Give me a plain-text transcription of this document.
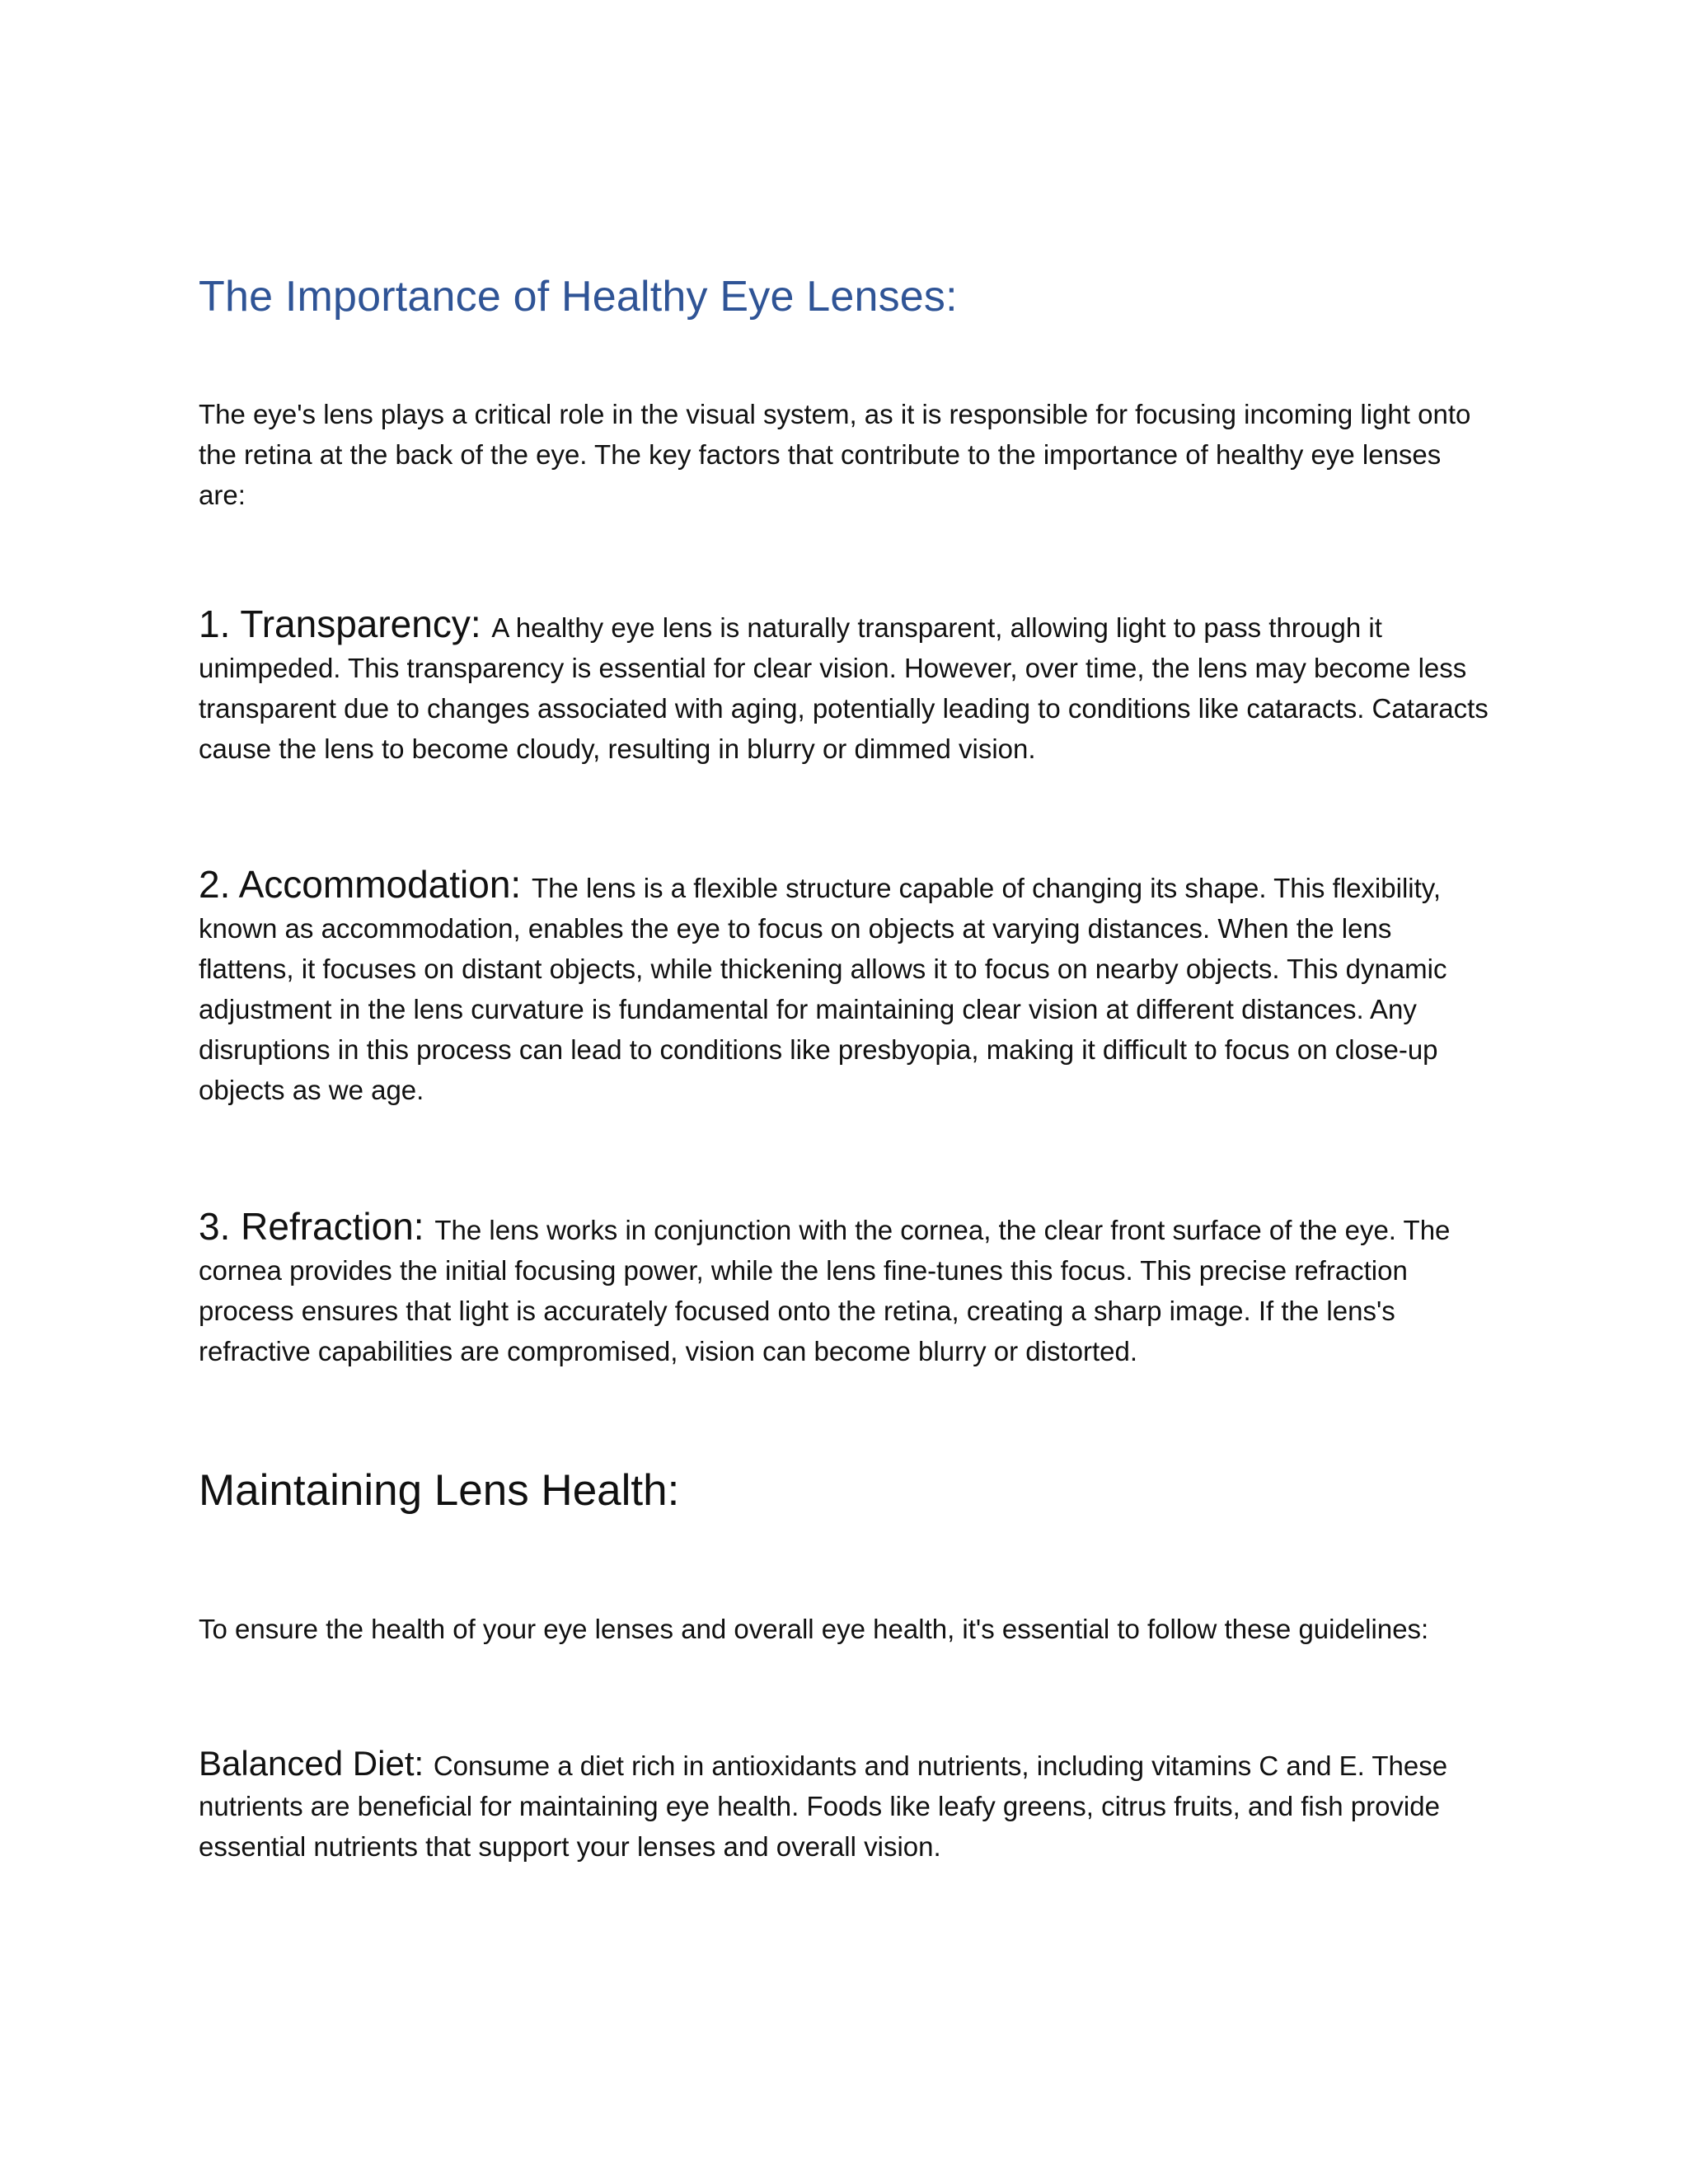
The Importance of Healthy Eye Lenses:

The eye's lens plays a critical role in the visual system, as it is responsible for focusing incoming light onto the retina at the back of the eye. The key factors that contribute to the importance of healthy eye lenses are:

1. Transparency: A healthy eye lens is naturally transparent, allowing light to pass through it unimpeded. This transparency is essential for clear vision. However, over time, the lens may become less transparent due to changes associated with aging, potentially leading to conditions like cataracts. Cataracts cause the lens to become cloudy, resulting in blurry or dimmed vision.

2. Accommodation: The lens is a flexible structure capable of changing its shape. This flexibility, known as accommodation, enables the eye to focus on objects at varying distances. When the lens flattens, it focuses on distant objects, while thickening allows it to focus on nearby objects. This dynamic adjustment in the lens curvature is fundamental for maintaining clear vision at different distances. Any disruptions in this process can lead to conditions like presbyopia, making it difficult to focus on close-up objects as we age.

3. Refraction: The lens works in conjunction with the cornea, the clear front surface of the eye. The cornea provides the initial focusing power, while the lens fine-tunes this focus. This precise refraction process ensures that light is accurately focused onto the retina, creating a sharp image. If the lens's refractive capabilities are compromised, vision can become blurry or distorted.

Maintaining Lens Health:

To ensure the health of your eye lenses and overall eye health, it's essential to follow these guidelines:

Balanced Diet: Consume a diet rich in antioxidants and nutrients, including vitamins C and E. These nutrients are beneficial for maintaining eye health. Foods like leafy greens, citrus fruits, and fish provide essential nutrients that support your lenses and overall vision.
